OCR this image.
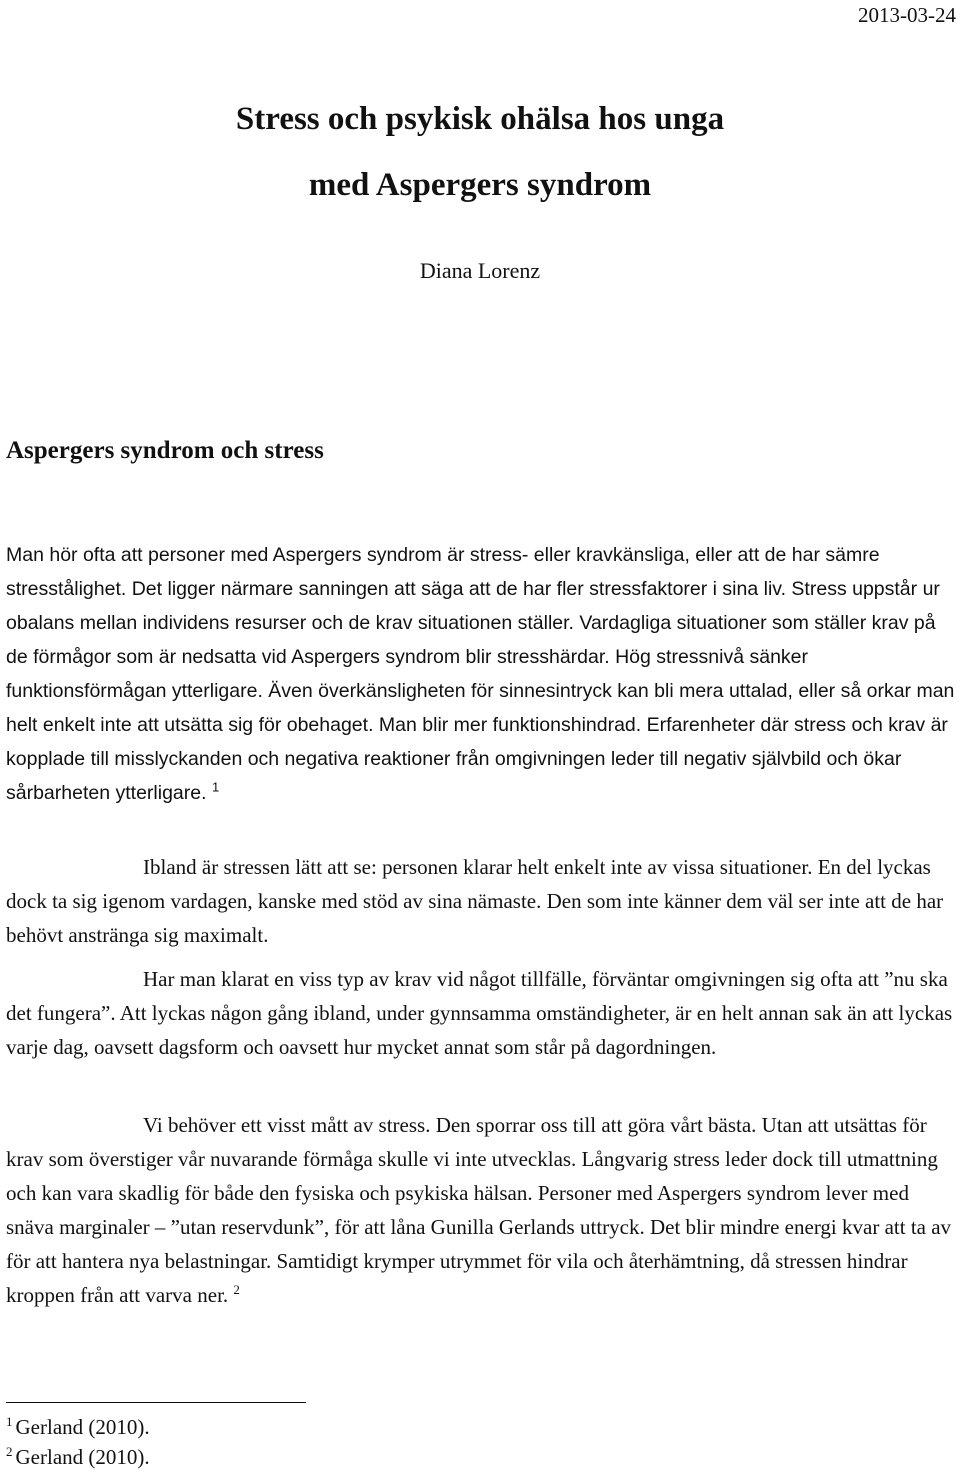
2013-03-24
Stress och psykisk ohälsa hos unga
med Aspergers syndrom
Diana Lorenz
Aspergers syndrom och stress

Man hör ofta att personer med Aspergers syndrom är stress- eller kravkänsliga, eller att de har sämre stresstålighet. Det ligger närmare sanningen att säga att de har fler stressfaktorer i sina liv. Stress uppstår ur obalans mellan individens resurser och de krav situationen ställer. Vardagliga situationer som ställer krav på de förmågor som är nedsatta vid Aspergers syndrom blir stresshärdar. Hög stressnivå sänker funktionsförmågan ytterligare. Även överkänsligheten för sinnesintryck kan bli mera uttalad, eller så orkar man helt enkelt inte att utsätta sig för obehaget. Man blir mer funktionshindrad. Erfarenheter där stress och krav är kopplade till misslyckanden och negativa reaktioner från omgivningen leder till negativ självbild och ökar sårbarheten ytterligare. $^1$

Ibland är stressen lätt att se: personen klarar helt enkelt inte av vissa situationer. En del lyckas dock ta sig igenom vardagen, kanske med stöd av sina nämaste. Den som inte känner dem väl ser inte att de har behövt anstränga sig maximalt.

Har man klarat en viss typ av krav vid något tillfälle, förväntar omgivningen sig ofta att ”nu ska det fungera”. Att lyckas någon gång ibland, under gynnsamma omständigheter, är en helt annan sak än att lyckas varje dag, oavsett dagsform och oavsett hur mycket annat som står på dagordningen.

Vi behöver ett visst mått av stress. Den sporrar oss till att göra vårt bästa. Utan att utsättas för krav som överstiger vår nuvarande förmåga skulle vi inte utvecklas. Långvarig stress leder dock till utmattning och kan vara skadlig för både den fysiska och psykiska hälsan. Personer med Aspergers syndrom lever med snäva marginaler – ”utan reservdunk”, för att låna Gunilla Gerlands uttryck. Det blir mindre energi kvar att ta av för att hantera nya belastningar. Samtidigt krymper utrymmet för vila och återhämtning, då stressen hindrar kroppen från att varva ner. $^2$

$^1$ Gerland (2010).
$^2$ Gerland (2010).
